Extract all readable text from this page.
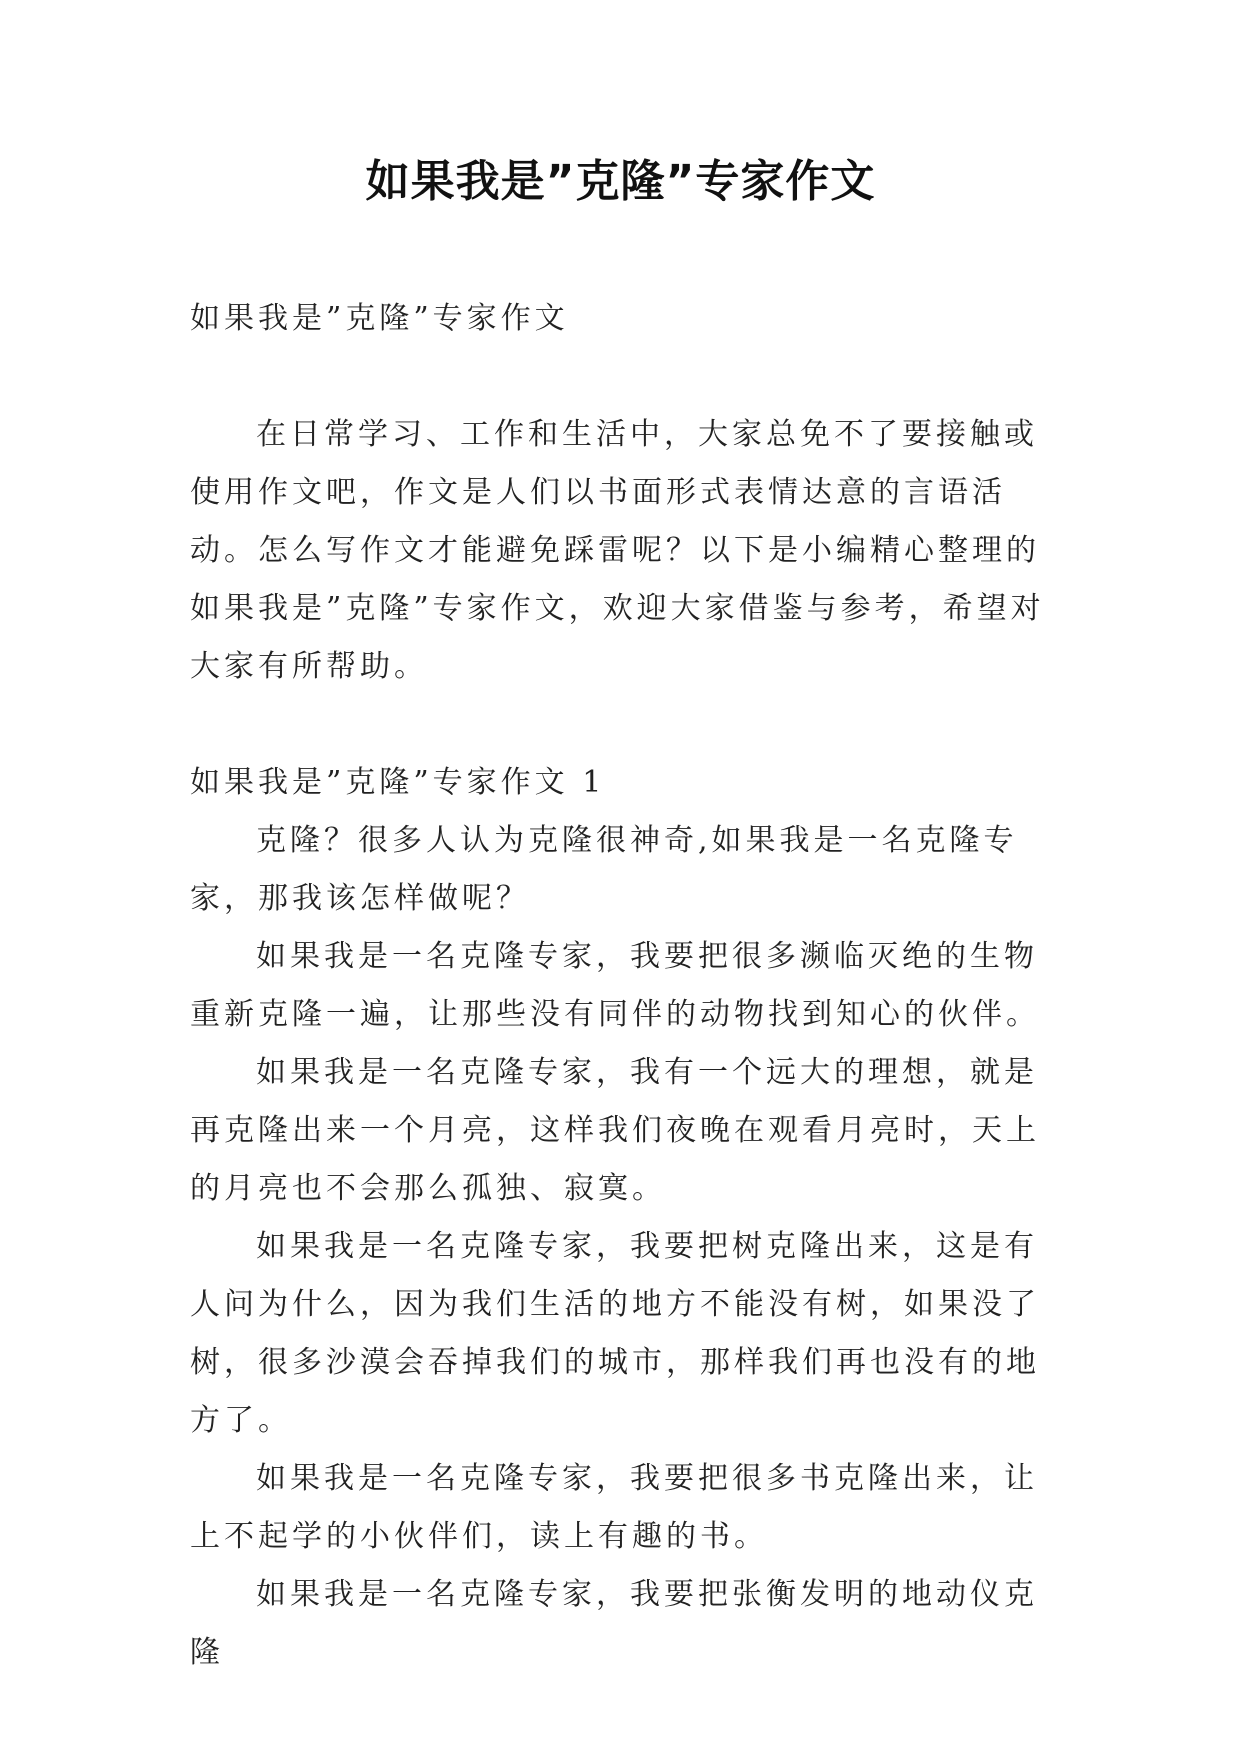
如果我是”克隆”专家作文

如果我是”克隆”专家作文

在日常学习、工作和生活中，大家总免不了要接触或使用作文吧，作文是人们以书面形式表情达意的言语活动。怎么写作文才能避免踩雷呢？以下是小编精心整理的如果我是”克隆”专家作文，欢迎大家借鉴与参考，希望对大家有所帮助。

如果我是”克隆”专家作文 1

克隆？很多人认为克隆很神奇,如果我是一名克隆专家，那我该怎样做呢？

如果我是一名克隆专家，我要把很多濒临灭绝的生物重新克隆一遍，让那些没有同伴的动物找到知心的伙伴。

如果我是一名克隆专家，我有一个远大的理想，就是再克隆出来一个月亮，这样我们夜晚在观看月亮时，天上的月亮也不会那么孤独、寂寞。

如果我是一名克隆专家，我要把树克隆出来，这是有人问为什么，因为我们生活的地方不能没有树，如果没了树，很多沙漠会吞掉我们的城市，那样我们再也没有的地方了。

如果我是一名克隆专家，我要把很多书克隆出来，让上不起学的小伙伴们，读上有趣的书。

如果我是一名克隆专家，我要把张衡发明的地动仪克隆
